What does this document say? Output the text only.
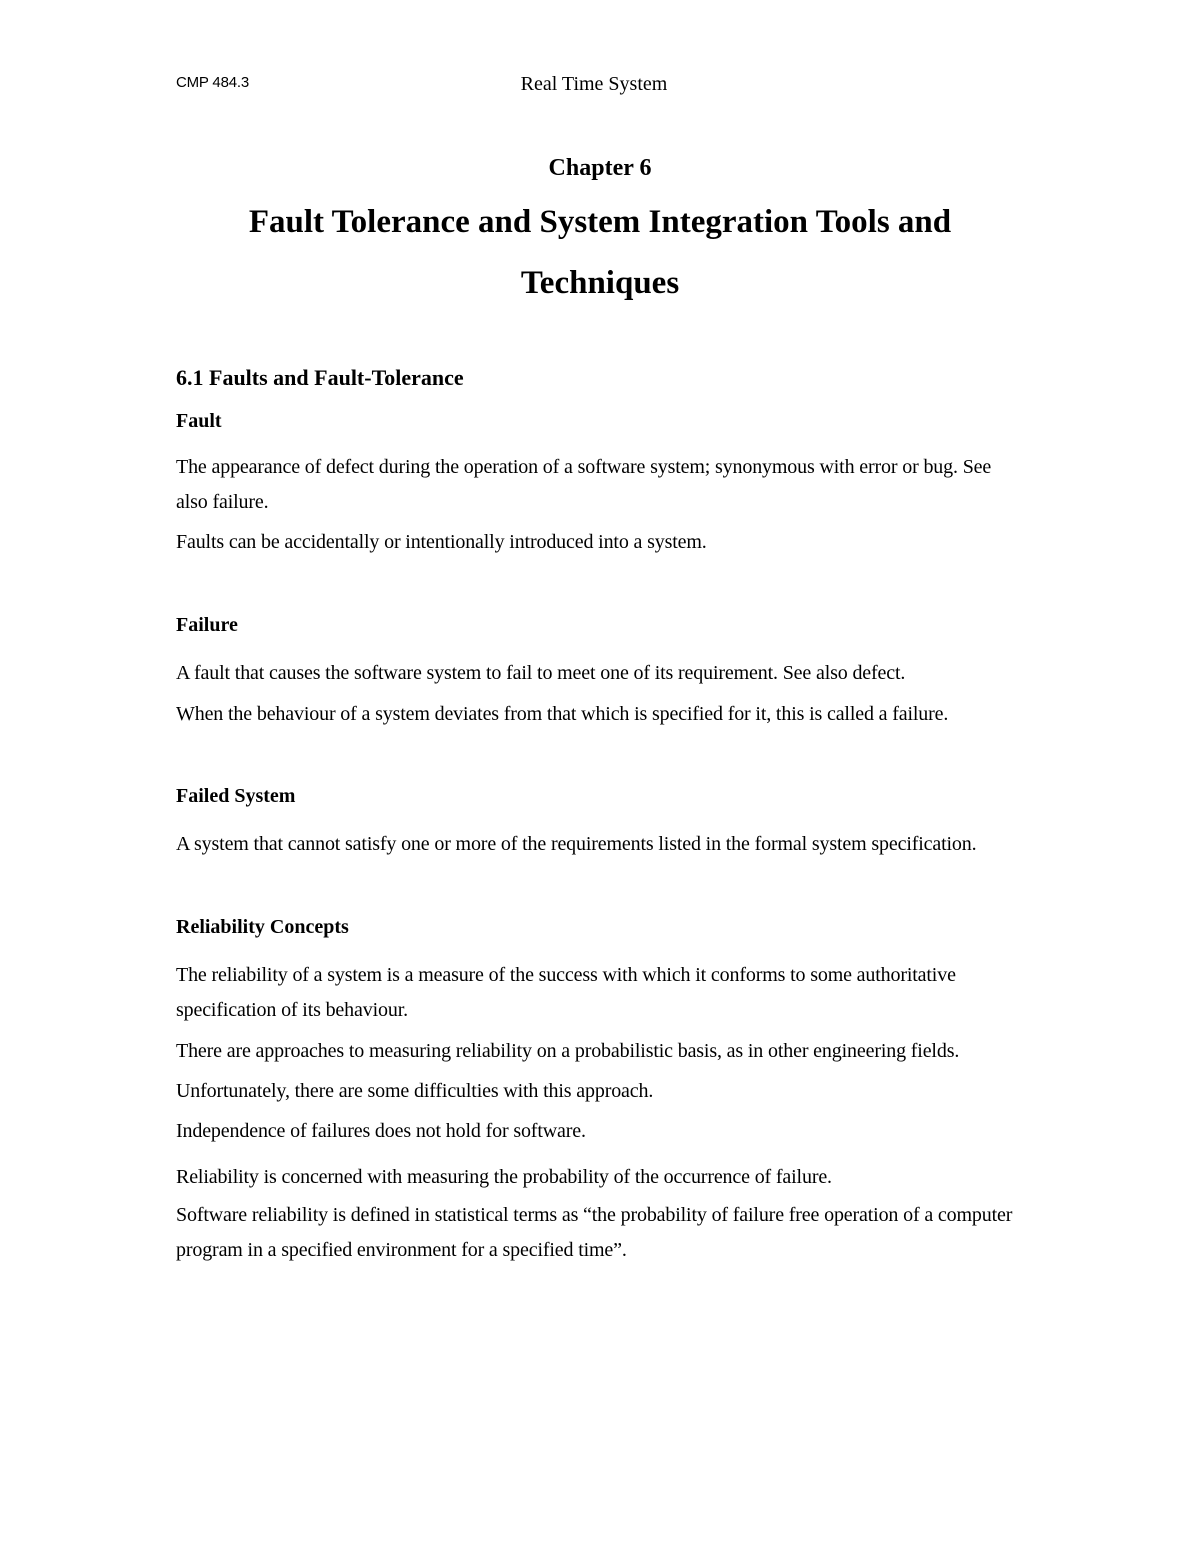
CMP 484.3	Real Time System
Chapter 6
Fault Tolerance and System Integration Tools and Techniques
6.1 Faults and Fault-Tolerance

Fault

The appearance of defect during the operation of a software system; synonymous with error or bug. See also failure.

Faults can be accidentally or intentionally introduced into a system.

Failure

A fault that causes the software system to fail to meet one of its requirement. See also defect.

When the behaviour of a system deviates from that which is specified for it, this is called a failure.

Failed System

A system that cannot satisfy one or more of the requirements listed in the formal system specification.

Reliability Concepts

The reliability of a system is a measure of the success with which it conforms to some authoritative specification of its behaviour.

There are approaches to measuring reliability on a probabilistic basis, as in other engineering fields.

Unfortunately, there are some difficulties with this approach.

Independence of failures does not hold for software.

Reliability is concerned with measuring the probability of the occurrence of failure.

Software reliability is defined in statistical terms as “the probability of failure free operation of a computer program in a specified environment for a specified time”.
